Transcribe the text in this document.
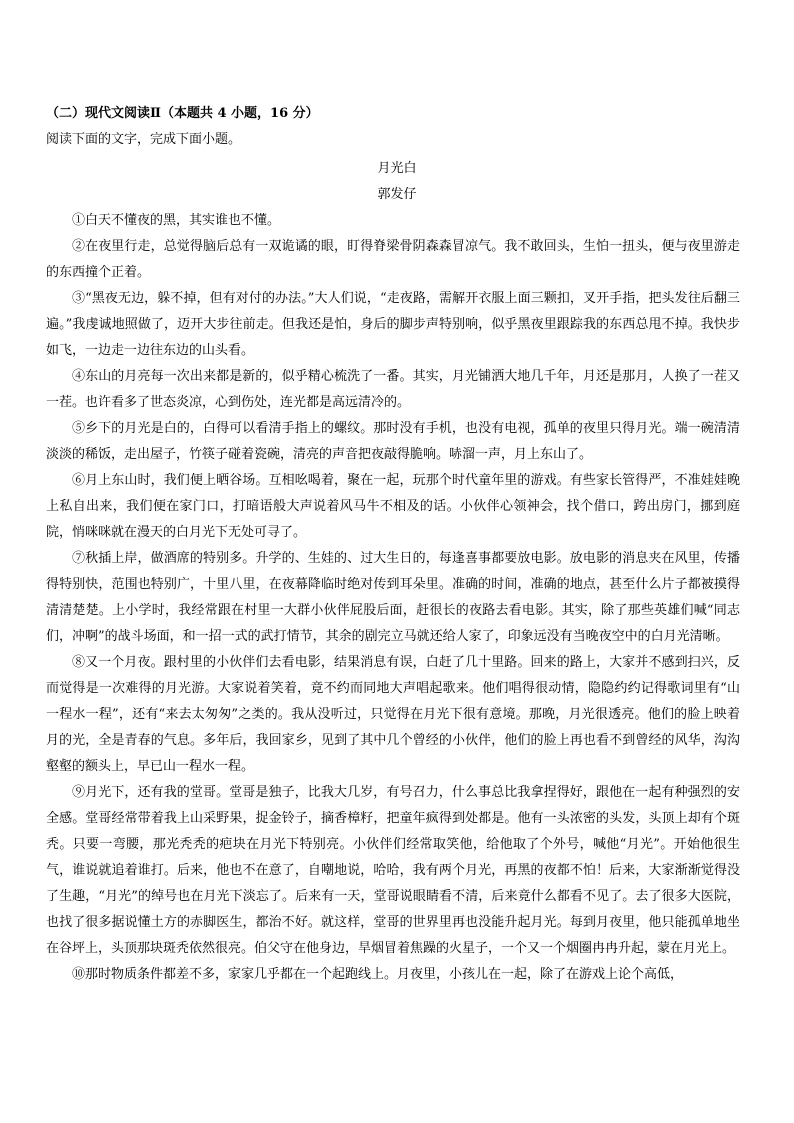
（二）现代文阅读Ⅱ（本题共 4 小题，16 分）
阅读下面的文字，完成下面小题。
月光白
郭发仔

①白天不懂夜的黑，其实谁也不懂。

②在夜里行走，总觉得脑后总有一双诡谲的眼，盯得脊梁骨阴森森冒凉气。我不敢回头，生怕一扭头，便与夜里游走的东西撞个正着。

③“黑夜无边，躲不掉，但有对付的办法。”大人们说，“走夜路，需解开衣服上面三颗扣，叉开手指，把头发往后翻三遍。”我虔诚地照做了，迈开大步往前走。但我还是怕，身后的脚步声特别响，似乎黑夜里跟踪我的东西总甩不掉。我快步如飞，一边走一边往东边的山头看。

④东山的月亮每一次出来都是新的，似乎精心梳洗了一番。其实，月光铺洒大地几千年，月还是那月，人换了一茬又一茬。也许看多了世态炎凉，心到伤处，连光都是高远清冷的。

⑤乡下的月光是白的，白得可以看清手指上的螺纹。那时没有手机，也没有电视，孤单的夜里只得月光。端一碗清清淡淡的稀饭，走出屋子，竹筷子碰着瓷碗，清亮的声音把夜敲得脆响。哧溜一声，月上东山了。

⑥月上东山时，我们便上晒谷场。互相吆喝着，聚在一起，玩那个时代童年里的游戏。有些家长管得严，不准娃娃晚上私自出来，我们便在家门口，打暗语般大声说着风马牛不相及的话。小伙伴心领神会，找个借口，跨出房门，挪到庭院，悄咪咪就在漫天的白月光下无处可寻了。

⑦秋插上岸，做酒席的特别多。升学的、生娃的、过大生日的，每逢喜事都要放电影。放电影的消息夹在风里，传播得特别快，范围也特别广，十里八里，在夜幕降临时绝对传到耳朵里。准确的时间，准确的地点，甚至什么片子都被摸得清清楚楚。上小学时，我经常跟在村里一大群小伙伴屁股后面，赶很长的夜路去看电影。其实，除了那些英雄们喊“同志们，冲啊”的战斗场面，和一招一式的武打情节，其余的剧完立马就还给人家了，印象远没有当晚夜空中的白月光清晰。

⑧又一个月夜。跟村里的小伙伴们去看电影，结果消息有误，白赶了几十里路。回来的路上，大家并不感到扫兴，反而觉得是一次难得的月光游。大家说着笑着，竟不约而同地大声唱起歌来。他们唱得很动情，隐隐约约记得歌词里有“山一程水一程”，还有“来去太匆匆”之类的。我从没听过，只觉得在月光下很有意境。那晚，月光很透亮。他们的脸上映着月的光，全是青春的气息。多年后，我回家乡，见到了其中几个曾经的小伙伴，他们的脸上再也看不到曾经的风华，沟沟壑壑的额头上，早已山一程水一程。

⑨月光下，还有我的堂哥。堂哥是独子，比我大几岁，有号召力，什么事总比我拿捏得好，跟他在一起有种强烈的安全感。堂哥经常带着我上山采野果，捉金铃子，摘香樟籽，把童年疯得到处都是。他有一头浓密的头发，头顶上却有个斑秃。只要一弯腰，那光秃秃的疤块在月光下特别亮。小伙伴们经常取笑他，给他取了个外号，喊他“月光”。开始他很生气，谁说就追着谁打。后来，他也不在意了，自嘲地说，哈哈，我有两个月光，再黑的夜都不怕！后来，大家渐渐觉得没了生趣，“月光”的绰号也在月光下淡忘了。后来有一天，堂哥说眼睛看不清，后来竟什么都看不见了。去了很多大医院，也找了很多据说懂土方的赤脚医生，都治不好。就这样，堂哥的世界里再也没能升起月光。每到月夜里，他只能孤单地坐在谷坪上，头顶那块斑秃依然很亮。伯父守在他身边，旱烟冒着焦躁的火星子，一个又一个烟圈冉冉升起，蒙在月光上。

⑩那时物质条件都差不多，家家几乎都在一个起跑线上。月夜里，小孩儿在一起，除了在游戏上论个高低，
